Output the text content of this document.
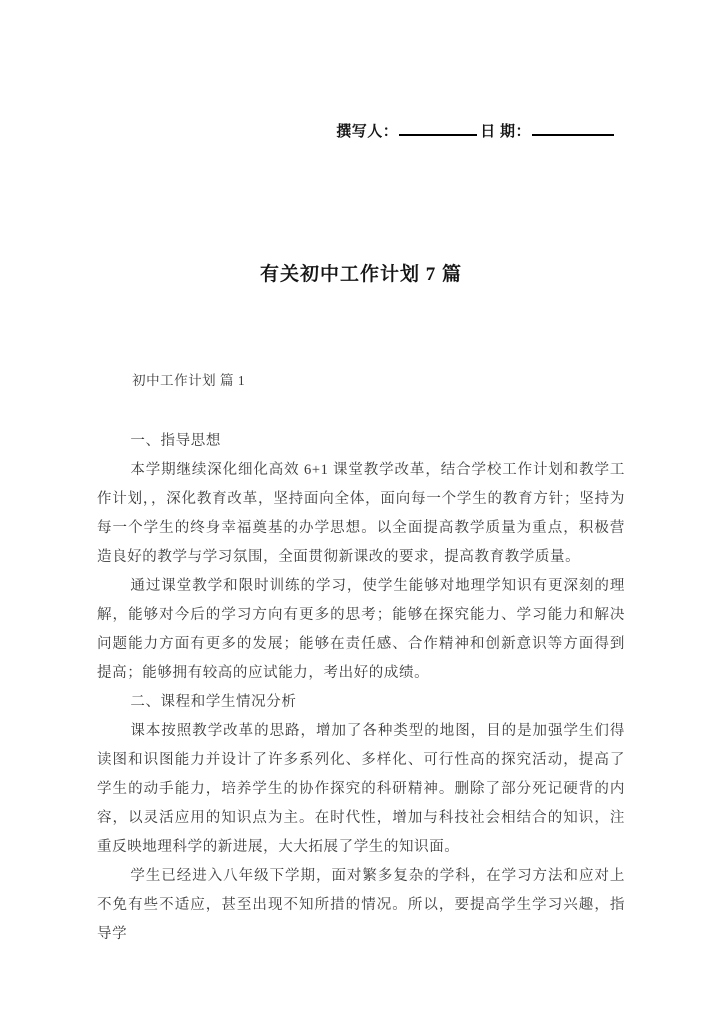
撰写人：	日 期：
有关初中工作计划 7 篇
初中工作计划 篇 1

一、指导思想

本学期继续深化细化高效 6+1 课堂教学改革，结合学校工作计划和教学工作计划，，深化教育改革，坚持面向全体，面向每一个学生的教育方针；坚持为每一个学生的终身幸福奠基的办学思想。以全面提高教学质量为重点，积极营造良好的教学与学习氛围，全面贯彻新课改的要求，提高教育教学质量。

通过课堂教学和限时训练的学习，使学生能够对地理学知识有更深刻的理解，能够对今后的学习方向有更多的思考；能够在探究能力、学习能力和解决问题能力方面有更多的发展；能够在责任感、合作精神和创新意识等方面得到提高；能够拥有较高的应试能力，考出好的成绩。

二、课程和学生情况分析

课本按照教学改革的思路，增加了各种类型的地图，目的是加强学生们得读图和识图能力并设计了许多系列化、多样化、可行性高的探究活动，提高了学生的动手能力，培养学生的协作探究的科研精神。删除了部分死记硬背的内容，以灵活应用的知识点为主。在时代性，增加与科技社会相结合的知识，注重反映地理科学的新进展，大大拓展了学生的知识面。

学生已经进入八年级下学期，面对繁多复杂的学科，在学习方法和应对上不免有些不适应，甚至出现不知所措的情况。所以，要提高学生学习兴趣，指导学
